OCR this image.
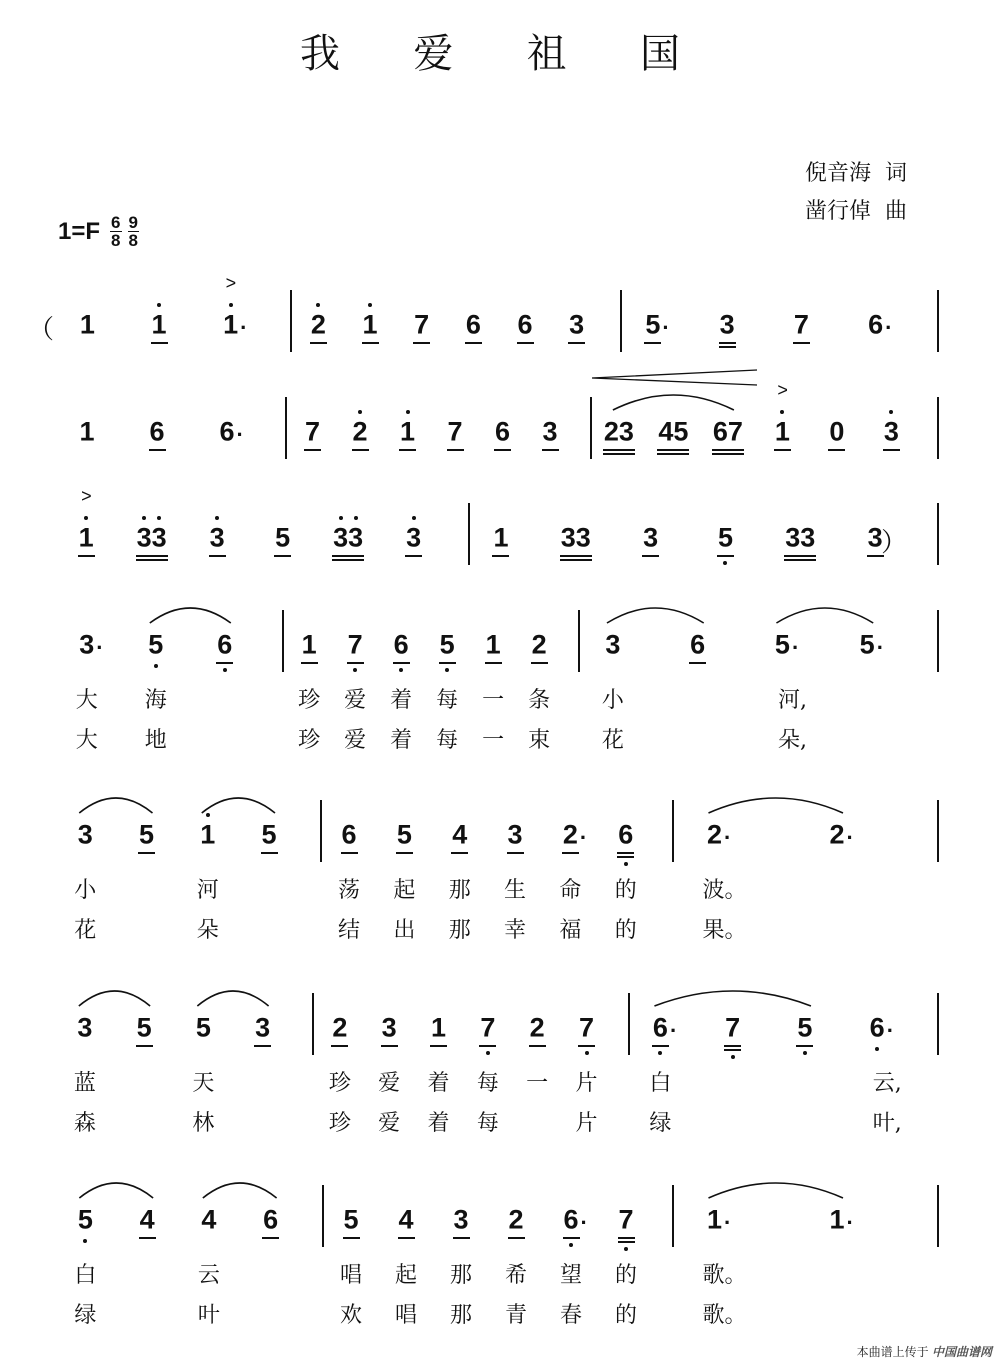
我 爱 祖 国
倪音海 词
凿行倬 曲
$1=F \frac{6}{8} \frac{9}{8}$
1 1 1 ·
>
2 1 7 6 6 3 5 · 3 7 6 ·
（
1 6 6 · 7 2 1 7 6 3 23 45 67 1
>
0 3
1
>
33 3 5 33 3	1 33 3 5 33 3
）
3 · 5 6	1 7 6 5 1 2 3	6	5 · 5 ·
大 海	珍 爱 着 每 一 条 小	河,
大 地	珍 爱 着 每 一 束 花	朵,
3 5 1 5 6 5 4 3 2 · 6	2 ·	2 ·
小	河	荡 起 那 生 命 的	波。
花	朵	结 出 那 幸 福 的	果。
3 5 5 3 2 3 1 7 2 7 6 · 7 5 6 ·
蓝	天	珍 爱 着 每 一 片 白	云,
森	林	珍 爱 着 每	片 绿	叶,
5 4 4 6 5 4 3 2 6 · 7	1 ·	1 ·
白	云	唱 起 那 希 望 的	歌。
绿	叶	欢 唱 那 青 春 的	歌。
本曲谱上传于 中国曲谱网
